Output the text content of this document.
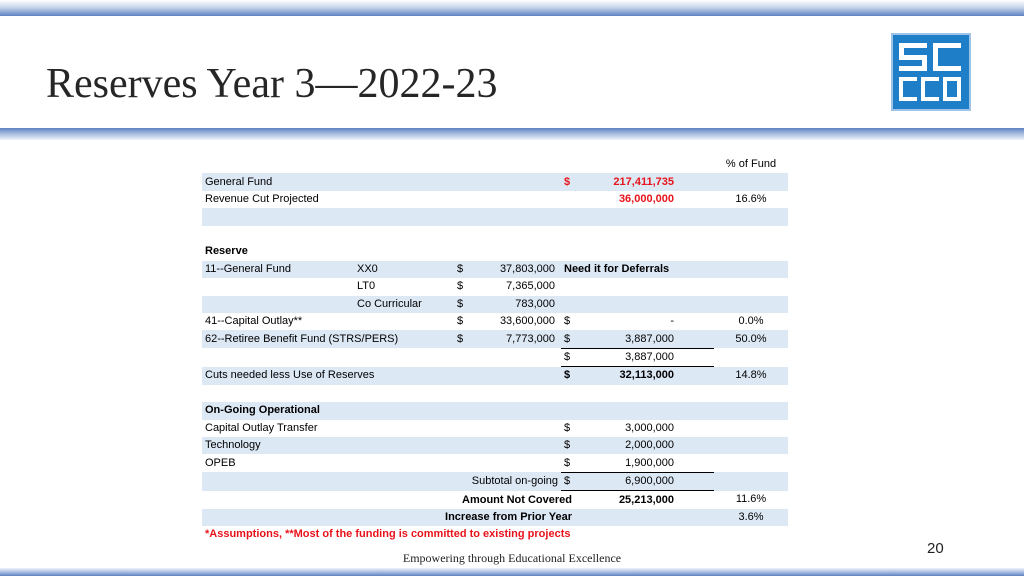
Reserves Year 3—2022-23
						% of Fund
General Fund				$	217,411,735	
Revenue Cut Projected					36,000,000	16.6%

Reserve						
11--General Fund	XX0	$	37,803,000	Need it for Deferrals		
	LT0	$	7,365,000			
	Co Curricular	$	783,000			
41--Capital Outlay**		$	33,600,000	$	-	0.0%
62--Retiree Benefit Fund (STRS/PERS)		$	7,773,000	$	3,887,000	50.0%
				$	3,887,000	
Cuts needed less Use of Reserves				$	32,113,000	14.8%

On-Going Operational						
Capital Outlay Transfer				$	3,000,000	
Technology				$	2,000,000	
OPEB				$	1,900,000	
	Subtotal on-going			$	6,900,000	
	Amount Not Covered				25,213,000	11.6%
	Increase from Prior Year					3.6%
*Assumptions, **Most of the funding is committed to existing projects						
Empowering through Educational Excellence
20
